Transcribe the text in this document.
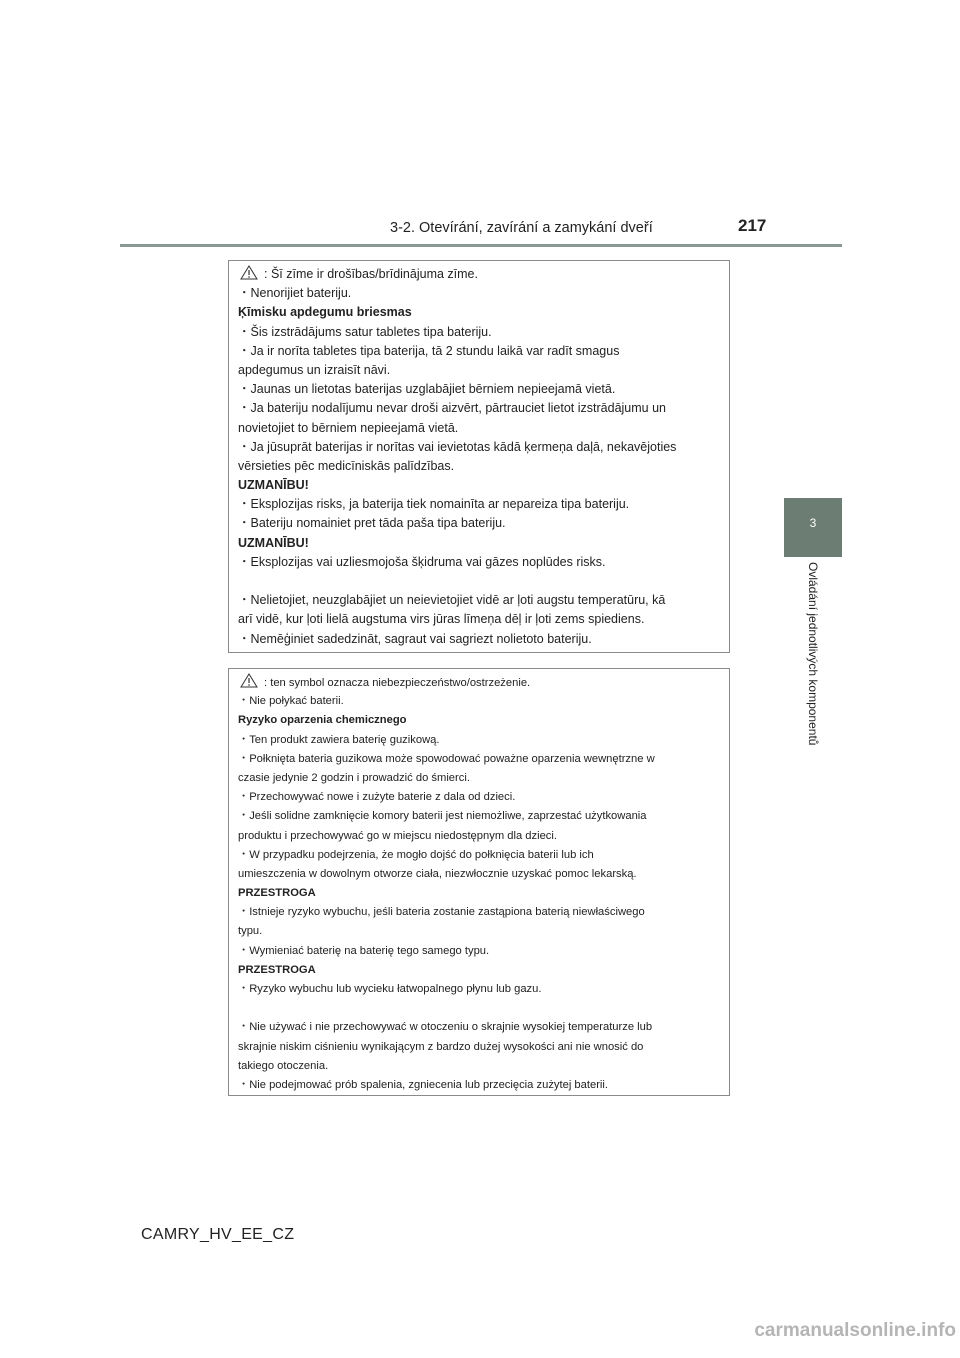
3-2. Otevírání, zavírání a zamykání dveří	217
3
Ovládání jednotlivých komponentů
: Šī zīme ir drošības/brīdinājuma zīme.
・Nenorijiet bateriju.
Ķīmisku apdegumu briesmas
・Šis izstrādājums satur tabletes tipa bateriju.
・Ja ir norīta tabletes tipa baterija, tā 2 stundu laikā var radīt smagus
apdegumus un izraisīt nāvi.
・Jaunas un lietotas baterijas uzglabājiet bērniem nepieejamā vietā.
・Ja bateriju nodalījumu nevar droši aizvērt, pārtrauciet lietot izstrādājumu un
novietojiet to bērniem nepieejamā vietā.
・Ja jūsuprāt baterijas ir norītas vai ievietotas kādā ķermeņa daļā, nekavējoties
vērsieties pēc medicīniskās palīdzības.
UZMANĪBU!
・Eksplozijas risks, ja baterija tiek nomainīta ar nepareiza tipa bateriju.
・Bateriju nomainiet pret tāda paša tipa bateriju.
UZMANĪBU!
・Eksplozijas vai uzliesmojoša šķidruma vai gāzes noplūdes risks.
・Nelietojiet, neuzglabājiet un neievietojiet vidē ar ļoti augstu temperatūru, kā
arī vidē, kur ļoti lielā augstuma virs jūras līmeņa dēļ ir ļoti zems spiediens.
・Nemēģiniet sadedzināt, sagraut vai sagriezt nolietoto bateriju.
: ten symbol oznacza niebezpieczeństwo/ostrzeżenie.
・Nie połykać baterii.
Ryzyko oparzenia chemicznego
・Ten produkt zawiera baterię guzikową.
・Połknięta bateria guzikowa może spowodować poważne oparzenia wewnętrzne w
czasie jedynie 2 godzin i prowadzić do śmierci.
・Przechowywać nowe i zużyte baterie z dala od dzieci.
・Jeśli solidne zamknięcie komory baterii jest niemożliwe, zaprzestać użytkowania
produktu i przechowywać go w miejscu niedostępnym dla dzieci.
・W przypadku podejrzenia, że mogło dojść do połknięcia baterii lub ich
umieszczenia w dowolnym otworze ciała, niezwłocznie uzyskać pomoc lekarską.
PRZESTROGA
・Istnieje ryzyko wybuchu, jeśli bateria zostanie zastąpiona baterią niewłaściwego
typu.
・Wymieniać baterię na baterię tego samego typu.
PRZESTROGA
・Ryzyko wybuchu lub wycieku łatwopalnego płynu lub gazu.
・Nie używać i nie przechowywać w otoczeniu o skrajnie wysokiej temperaturze lub
skrajnie niskim ciśnieniu wynikającym z bardzo dużej wysokości ani nie wnosić do
takiego otoczenia.
・Nie podejmować prób spalenia, zgniecenia lub przecięcia zużytej baterii.
CAMRY_HV_EE_CZ
carmanualsonline.info
